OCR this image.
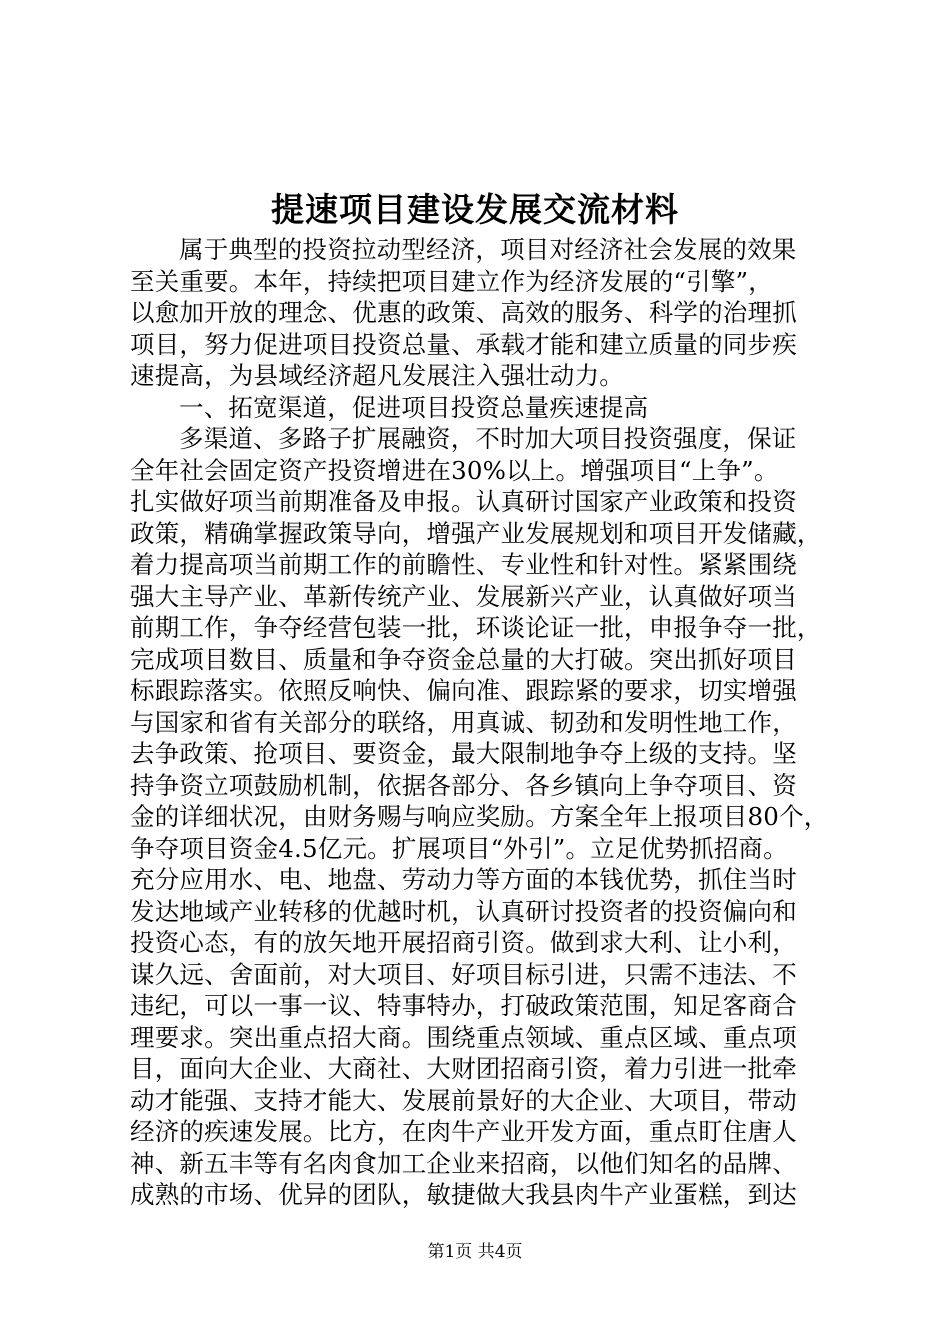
提速项目建设发展交流材料
属于典型的投资拉动型经济，项目对经济社会发展的效果
至关重要。本年，持续把项目建立作为经济发展的“引擎”，
以愈加开放的理念、优惠的政策、高效的服务、科学的治理抓
项目，努力促进项目投资总量、承载才能和建立质量的同步疾
速提高，为县域经济超凡发展注入强壮动力。
一、拓宽渠道，促进项目投资总量疾速提高
多渠道、多路子扩展融资，不时加大项目投资强度，保证
全年社会固定资产投资增进在30%以上。增强项目“上争”。
扎实做好项当前期准备及申报。认真研讨国家产业政策和投资
政策，精确掌握政策导向，增强产业发展规划和项目开发储藏，
着力提高项当前期工作的前瞻性、专业性和针对性。紧紧围绕
强大主导产业、革新传统产业、发展新兴产业，认真做好项当
前期工作，争夺经营包装一批，环谈论证一批，申报争夺一批，
完成项目数目、质量和争夺资金总量的大打破。突出抓好项目
标跟踪落实。依照反响快、偏向准、跟踪紧的要求，切实增强
与国家和省有关部分的联络，用真诚、韧劲和发明性地工作，
去争政策、抢项目、要资金，最大限制地争夺上级的支持。坚
持争资立项鼓励机制，依据各部分、各乡镇向上争夺项目、资
金的详细状况，由财务赐与响应奖励。方案全年上报项目80个，
争夺项目资金4.5亿元。扩展项目“外引”。立足优势抓招商。
充分应用水、电、地盘、劳动力等方面的本钱优势，抓住当时
发达地域产业转移的优越时机，认真研讨投资者的投资偏向和
投资心态，有的放矢地开展招商引资。做到求大利、让小利，
谋久远、舍面前，对大项目、好项目标引进，只需不违法、不
违纪，可以一事一议、特事特办，打破政策范围，知足客商合
理要求。突出重点招大商。围绕重点领域、重点区域、重点项
目，面向大企业、大商社、大财团招商引资，着力引进一批牵
动才能强、支持才能大、发展前景好的大企业、大项目，带动
经济的疾速发展。比方，在肉牛产业开发方面，重点盯住唐人
神、新五丰等有名肉食加工企业来招商，以他们知名的品牌、
成熟的市场、优异的团队，敏捷做大我县肉牛产业蛋糕，到达
第1页 共4页
